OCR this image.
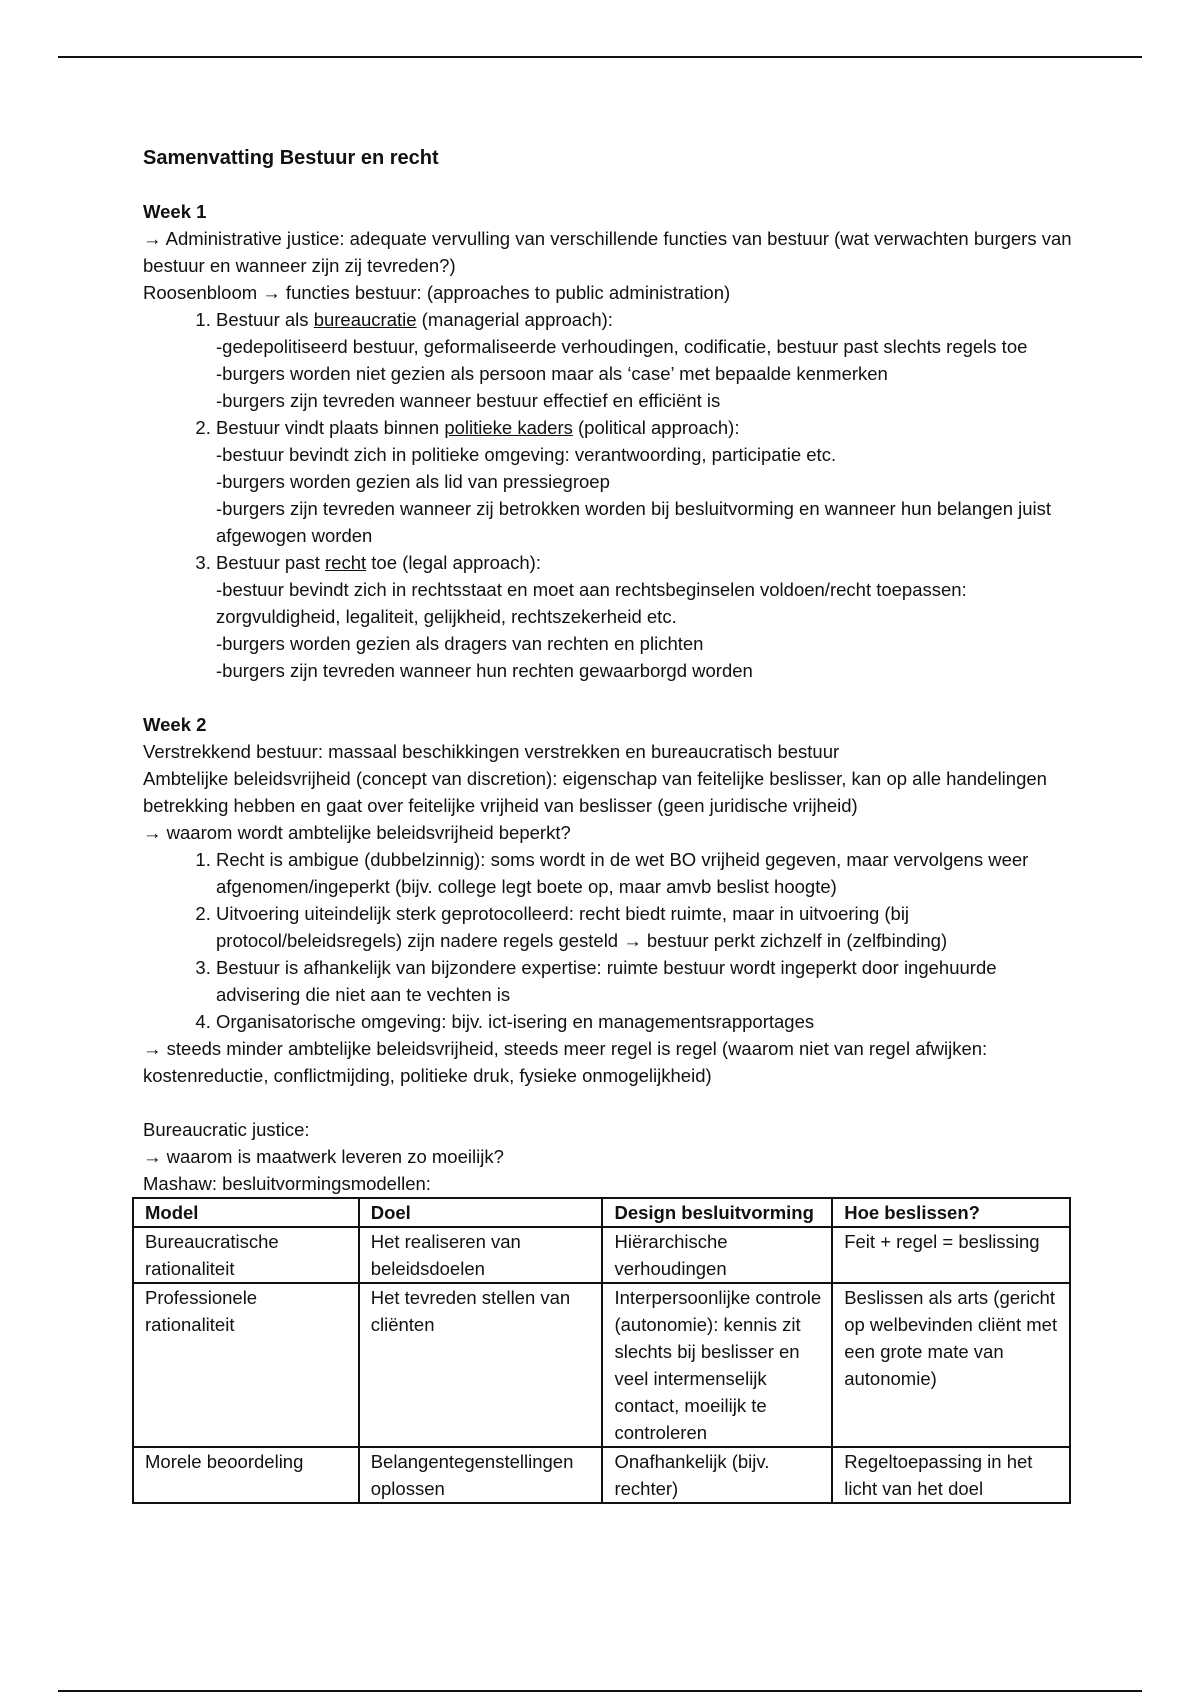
Samenvatting Bestuur en recht
Week 1

→ Administrative justice: adequate vervulling van verschillende functies van bestuur (wat verwachten burgers van bestuur en wanneer zijn zij tevreden?)

Roosenbloom → functies bestuur: (approaches to public administration)

1. Bestuur als bureaucratie (managerial approach):
-gedepolitiseerd bestuur, geformaliseerde verhoudingen, codificatie, bestuur past slechts regels toe
-burgers worden niet gezien als persoon maar als ‘case’ met bepaalde kenmerken
-burgers zijn tevreden wanneer bestuur effectief en efficiënt is
2. Bestuur vindt plaats binnen politieke kaders (political approach):
-bestuur bevindt zich in politieke omgeving: verantwoording, participatie etc.
-burgers worden gezien als lid van pressiegroep
-burgers zijn tevreden wanneer zij betrokken worden bij besluitvorming en wanneer hun belangen juist afgewogen worden
3. Bestuur past recht toe (legal approach):
-bestuur bevindt zich in rechtsstaat en moet aan rechtsbeginselen voldoen/recht toepassen: zorgvuldigheid, legaliteit, gelijkheid, rechtszekerheid etc.
-burgers worden gezien als dragers van rechten en plichten
-burgers zijn tevreden wanneer hun rechten gewaarborgd worden
Week 2

Verstrekkend bestuur: massaal beschikkingen verstrekken en bureaucratisch bestuur

Ambtelijke beleidsvrijheid (concept van discretion): eigenschap van feitelijke beslisser, kan op alle handelingen betrekking hebben en gaat over feitelijke vrijheid van beslisser (geen juridische vrijheid)

→ waarom wordt ambtelijke beleidsvrijheid beperkt?

1. Recht is ambigue (dubbelzinnig): soms wordt in de wet BO vrijheid gegeven, maar vervolgens weer afgenomen/ingeperkt (bijv. college legt boete op, maar amvb beslist hoogte)
2. Uitvoering uiteindelijk sterk geprotocolleerd: recht biedt ruimte, maar in uitvoering (bij protocol/beleidsregels) zijn nadere regels gesteld → bestuur perkt zichzelf in (zelfbinding)
3. Bestuur is afhankelijk van bijzondere expertise: ruimte bestuur wordt ingeperkt door ingehuurde advisering die niet aan te vechten is
4. Organisatorische omgeving: bijv. ict-isering en managementsrapportages

→ steeds minder ambtelijke beleidsvrijheid, steeds meer regel is regel (waarom niet van regel afwijken: kostenreductie, conflictmijding, politieke druk, fysieke onmogelijkheid)

Bureaucratic justice:

→ waarom is maatwerk leveren zo moeilijk?

Mashaw: besluitvormingsmodellen:

Model	Doel	Design besluitvorming	Hoe beslissen?
Bureaucratische rationaliteit	Het realiseren van beleidsdoelen	Hiërarchische verhoudingen	Feit + regel = beslissing
Professionele rationaliteit	Het tevreden stellen van cliënten	Interpersoonlijke controle (autonomie): kennis zit slechts bij beslisser en veel intermenselijk contact, moeilijk te controleren	Beslissen als arts (gericht op welbevinden cliënt met een grote mate van autonomie)
Morele beoordeling	Belangentegenstellingen oplossen	Onafhankelijk (bijv. rechter)	Regeltoepassing in het licht van het doel
